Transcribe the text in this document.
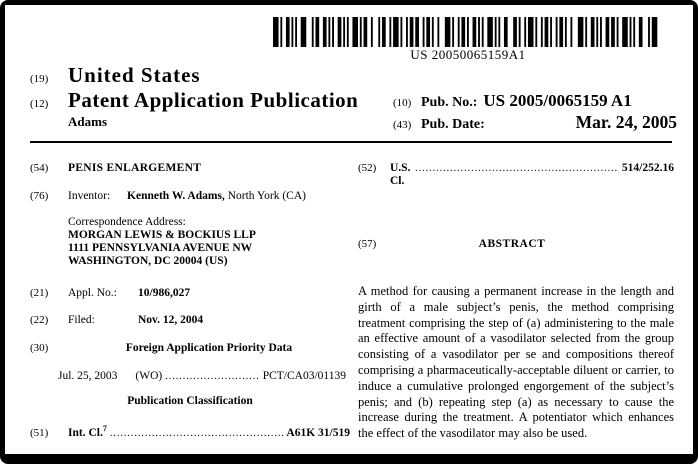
US 20050065159A1
(19) United States
(12) Patent Application Publication
Adams
(10) Pub. No.: US 2005/0065159 A1
(43) Pub. Date:	Mar. 24, 2005
(54)	PENIS ENLARGEMENT
(76)	Inventor: Kenneth W. Adams, North York (CA)
Correspondence Address:
MORGAN LEWIS & BOCKIUS LLP
1111 PENNSYLVANIA AVENUE NW
WASHINGTON, DC 20004 (US)
(21)	Appl. No.:	10/986,027
(22)	Filed:	Nov. 12, 2004
(30)	Foreign Application Priority Data
Jul. 25, 2003 (WO) .....	PCT/CA03/01139
Publication Classification
(51)	Int. Cl.$^7$ .....	A61K 31/519
(52)	U.S. Cl.
.....
514/252.16
(57)	ABSTRACT
A method for causing a permanent increase in the length and girth of a male subject’s penis, the method comprising treatment comprising the step of (a) administering to the male an effective amount of a vasodilator selected from the group consisting of a vasodilator per se and compositions thereof comprising a pharmaceutically-acceptable diluent or carrier, to induce a cumulative prolonged engorgement of the subject’s penis; and (b) repeating step (a) as necessary to cause the increase during the treatment. A potentiator which enhances the effect of the vasodilator may also be used.
